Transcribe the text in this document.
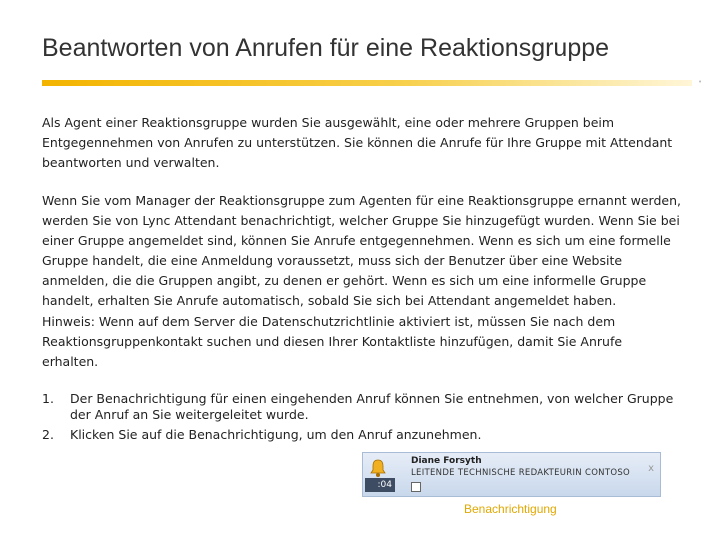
Beantworten von Anrufen für eine Reaktionsgruppe
•

Als Agent einer Reaktionsgruppe wurden Sie ausgewählt, eine oder mehrere Gruppen beim Entgegennehmen von Anrufen zu unterstützen. Sie können die Anrufe für Ihre Gruppe mit Attendant beantworten und verwalten.

Wenn Sie vom Manager der Reaktionsgruppe zum Agenten für eine Reaktionsgruppe ernannt werden, werden Sie von Lync Attendant benachrichtigt, welcher Gruppe Sie hinzugefügt wurden. Wenn Sie bei einer Gruppe angemeldet sind, können Sie Anrufe entgegennehmen. Wenn es sich um eine formelle Gruppe handelt, die eine Anmeldung voraussetzt, muss sich der Benutzer über eine Website anmelden, die die Gruppen angibt, zu denen er gehört. Wenn es sich um eine informelle Gruppe handelt, erhalten Sie Anrufe automatisch, sobald Sie sich bei Attendant angemeldet haben.

Hinweis: Wenn auf dem Server die Datenschutzrichtlinie aktiviert ist, müssen Sie nach dem Reaktionsgruppenkontakt suchen und diesen Ihrer Kontaktliste hinzufügen, damit Sie Anrufe erhalten.

1.	Der Benachrichtigung für einen eingehenden Anruf können Sie entnehmen, von welcher Gruppe der Anruf an Sie weitergeleitet wurde.
2.	Klicken Sie auf die Benachrichtigung, um den Anruf anzunehmen.
:04
Diane Forsyth
LEITENDE TECHNISCHE REDAKTEURIN CONTOSO x
Benachrichtigung
